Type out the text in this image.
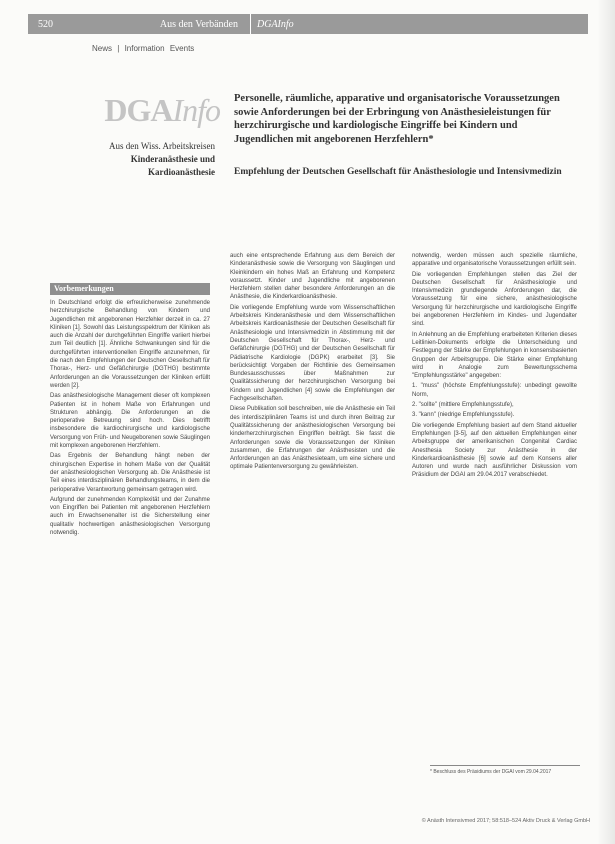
520	Aus den Verbänden	DGAInfo
News | Information Events
DGAInfo
Aus den Wiss. Arbeitskreisen
Kinderanästhesie und
Kardioanästhesie
Personelle, räumliche, apparative und organisatorische Voraussetzungen sowie Anforderungen bei der Erbringung von Anästhesieleistungen für herzchirurgische und kardiologische Eingriffe bei Kindern und Jugendlichen mit angeborenen Herzfehlern*
Empfehlung der Deutschen Gesellschaft für Anästhesiologie und Intensivmedizin
Vorbemerkungen

In Deutschland erfolgt die erfreulicherweise zunehmende herzchirurgische Behandlung von Kindern und Jugendlichen mit angeborenen Herzfehler derzeit in ca. 27 Kliniken [1]. Sowohl das Leistungsspektrum der Kliniken als auch die Anzahl der durchgeführten Eingriffe variiert hierbei zum Teil deutlich [1]. Ähnliche Schwankungen sind für die durchgeführten interventionellen Eingriffe anzunehmen, für die nach den Empfehlungen der Deutschen Gesellschaft für Thorax-, Herz- und Gefäßchirurgie (DGTHG) bestimmte Anforderungen an die Voraussetzungen der Kliniken erfüllt werden [2].

Das anästhesiologische Management dieser oft komplexen Patienten ist in hohem Maße von Erfahrungen und Strukturen abhängig. Die Anforderungen an die perioperative Betreuung sind hoch. Dies betrifft insbesondere die kardiochirurgische und kardiologische Versorgung von Früh- und Neugeborenen sowie Säuglingen mit komplexen angeborenen Herzfehlern.

Das Ergebnis der Behandlung hängt neben der chirurgischen Expertise in hohem Maße von der Qualität der anästhesiologischen Versorgung ab. Die Anästhesie ist Teil eines interdisziplinären Behandlungsteams, in dem die perioperative Verantwortung gemeinsam getragen wird.

Aufgrund der zunehmenden Komplexität und der Zunahme von Eingriffen bei Patienten mit angeborenen Herzfehlern auch im Erwachsenenalter ist die Sicherstellung einer qualitativ hochwertigen anästhesiologischen Versorgung notwendig.

auch eine entsprechende Erfahrung aus dem Bereich der Kinderanästhesie sowie die Versorgung von Säuglingen und Kleinkindern ein hohes Maß an Erfahrung und Kompetenz voraussetzt. Kinder und Jugendliche mit angeborenen Herzfehlern stellen daher besondere Anforderungen an die Anästhesie, die Kinderkardioanästhesie.

Die vorliegende Empfehlung wurde vom Wissenschaftlichen Arbeitskreis Kinderanästhesie und dem Wissenschaftlichen Arbeitskreis Kardioanästhesie der Deutschen Gesellschaft für Anästhesiologie und Intensivmedizin in Abstimmung mit der Deutschen Gesellschaft für Thorax-, Herz- und Gefäßchirurgie (DGTHG) und der Deutschen Gesellschaft für Pädiatrische Kardiologie (DGPK) erarbeitet [3]. Sie berücksichtigt Vorgaben der Richtlinie des Gemeinsamen Bundesausschusses über Maßnahmen zur Qualitätssicherung der herzchirurgischen Versorgung bei Kindern und Jugendlichen [4] sowie die Empfehlungen der Fachgesellschaften.

Diese Publikation soll beschreiben, wie die Anästhesie ein Teil des interdisziplinären Teams ist und durch ihren Beitrag zur Qualitätssicherung der anästhesiologischen Versorgung bei kinderherzchirurgischen Eingriffen beiträgt. Sie fasst die Anforderungen sowie die Voraussetzungen der Kliniken zusammen, die Erfahrungen der Anästhesisten und die Anforderungen an das Anästhesieteam, um eine sichere und optimale Patientenversorgung zu gewährleisten.

notwendig, werden müssen auch spezielle räumliche, apparative und organisatorische Voraussetzungen erfüllt sein.

Die vorliegenden Empfehlungen stellen das Ziel der Deutschen Gesellschaft für Anästhesiologie und Intensivmedizin grundlegende Anforderungen dar, die Voraussetzung für eine sichere, anästhesiologische Versorgung für herzchirurgische und kardiologische Eingriffe bei angeborenen Herzfehlern im Kindes- und Jugendalter sind.

In Anlehnung an die Empfehlung erarbeiteten Kriterien dieses Leitlinien-Dokuments erfolgte die Unterscheidung und Festlegung der Stärke der Empfehlungen in konsensbasierten Gruppen der Arbeitsgruppe. Die Stärke einer Empfehlung wird in Analogie zum Bewertungsschema "Empfehlungsstärke" angegeben:

1. "muss" (höchste Empfehlungsstufe): unbedingt gewollte Norm,

2. "sollte" (mittlere Empfehlungsstufe),

3. "kann" (niedrige Empfehlungsstufe).

Die vorliegende Empfehlung basiert auf dem Stand aktueller Empfehlungen [3-5], auf den aktuellen Empfehlungen einer Arbeitsgruppe der amerikanischen Congenital Cardiac Anesthesia Society zur Anästhesie in der Kinderkardioanästhesie [6] sowie auf dem Konsens aller Autoren und wurde nach ausführlicher Diskussion vom Präsidium der DGAI am 29.04.2017 verabschiedet.

* Beschluss des Präsidiums der DGAI vom 29.04.2017
© Anästh Intensivmed 2017; 58:518–524 Aktiv Druck & Verlag GmbH
